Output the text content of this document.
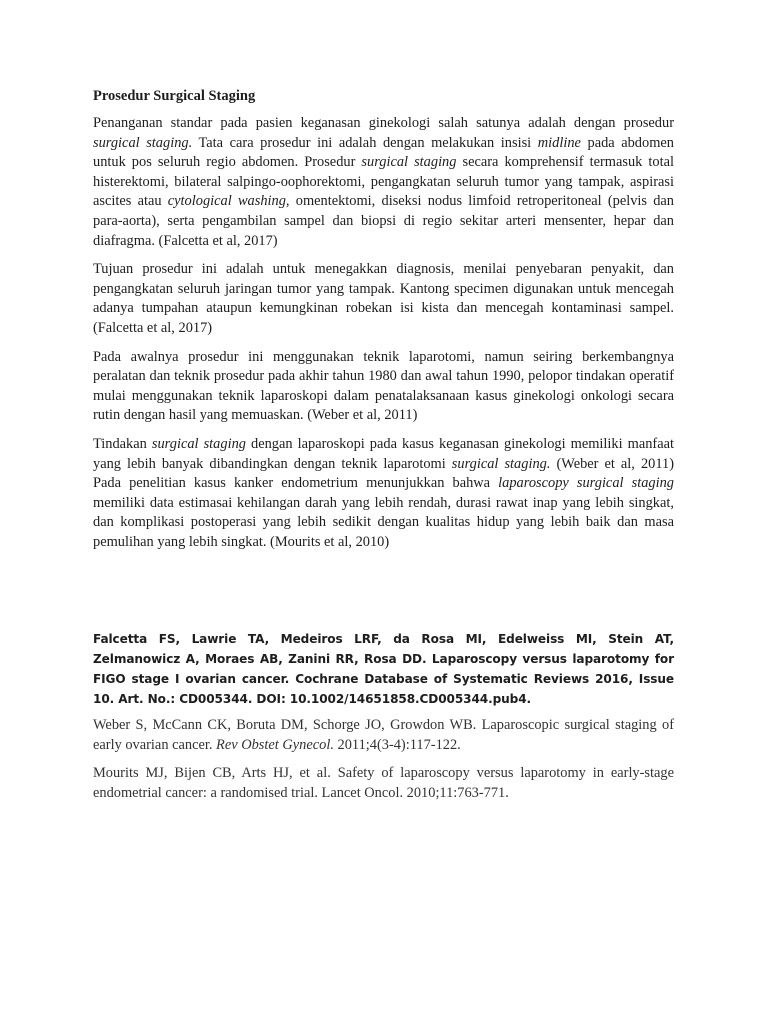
Prosedur Surgical Staging

Penanganan standar pada pasien keganasan ginekologi salah satunya adalah dengan prosedur surgical staging. Tata cara prosedur ini adalah dengan melakukan insisi midline pada abdomen untuk pos seluruh regio abdomen. Prosedur surgical staging secara komprehensif termasuk total histerektomi, bilateral salpingo-oophorektomi, pengangkatan seluruh tumor yang tampak, aspirasi ascites atau cytological washing, omentektomi, diseksi nodus limfoid retroperitoneal (pelvis dan para-aorta), serta pengambilan sampel dan biopsi di regio sekitar arteri mensenter, hepar dan diafragma. (Falcetta et al, 2017)

Tujuan prosedur ini adalah untuk menegakkan diagnosis, menilai penyebaran penyakit, dan pengangkatan seluruh jaringan tumor yang tampak. Kantong specimen digunakan untuk mencegah adanya tumpahan ataupun kemungkinan robekan isi kista dan mencegah kontaminasi sampel. (Falcetta et al, 2017)

Pada awalnya prosedur ini menggunakan teknik laparotomi, namun seiring berkembangnya peralatan dan teknik prosedur pada akhir tahun 1980 dan awal tahun 1990, pelopor tindakan operatif mulai menggunakan teknik laparoskopi dalam penatalaksanaan kasus ginekologi onkologi secara rutin dengan hasil yang memuaskan. (Weber et al, 2011)

Tindakan surgical staging dengan laparoskopi pada kasus keganasan ginekologi memiliki manfaat yang lebih banyak dibandingkan dengan teknik laparotomi surgical staging. (Weber et al, 2011) Pada penelitian kasus kanker endometrium menunjukkan bahwa laparoscopy surgical staging memiliki data estimasai kehilangan darah yang lebih rendah, durasi rawat inap yang lebih singkat, dan komplikasi postoperasi yang lebih sedikit dengan kualitas hidup yang lebih baik dan masa pemulihan yang lebih singkat. (Mourits et al, 2010)

Falcetta FS, Lawrie TA, Medeiros LRF, da Rosa MI, Edelweiss MI, Stein AT, Zelmanowicz A, Moraes AB, Zanini RR, Rosa DD. Laparoscopy versus laparotomy for FIGO stage I ovarian cancer. Cochrane Database of Systematic Reviews 2016, Issue 10. Art. No.: CD005344. DOI: 10.1002/14651858.CD005344.pub4.

Weber S, McCann CK, Boruta DM, Schorge JO, Growdon WB. Laparoscopic surgical staging of early ovarian cancer. Rev Obstet Gynecol. 2011;4(3-4):117-122.

Mourits MJ, Bijen CB, Arts HJ, et al. Safety of laparoscopy versus laparotomy in early-stage endometrial cancer: a randomised trial. Lancet Oncol. 2010;11:763-771.
